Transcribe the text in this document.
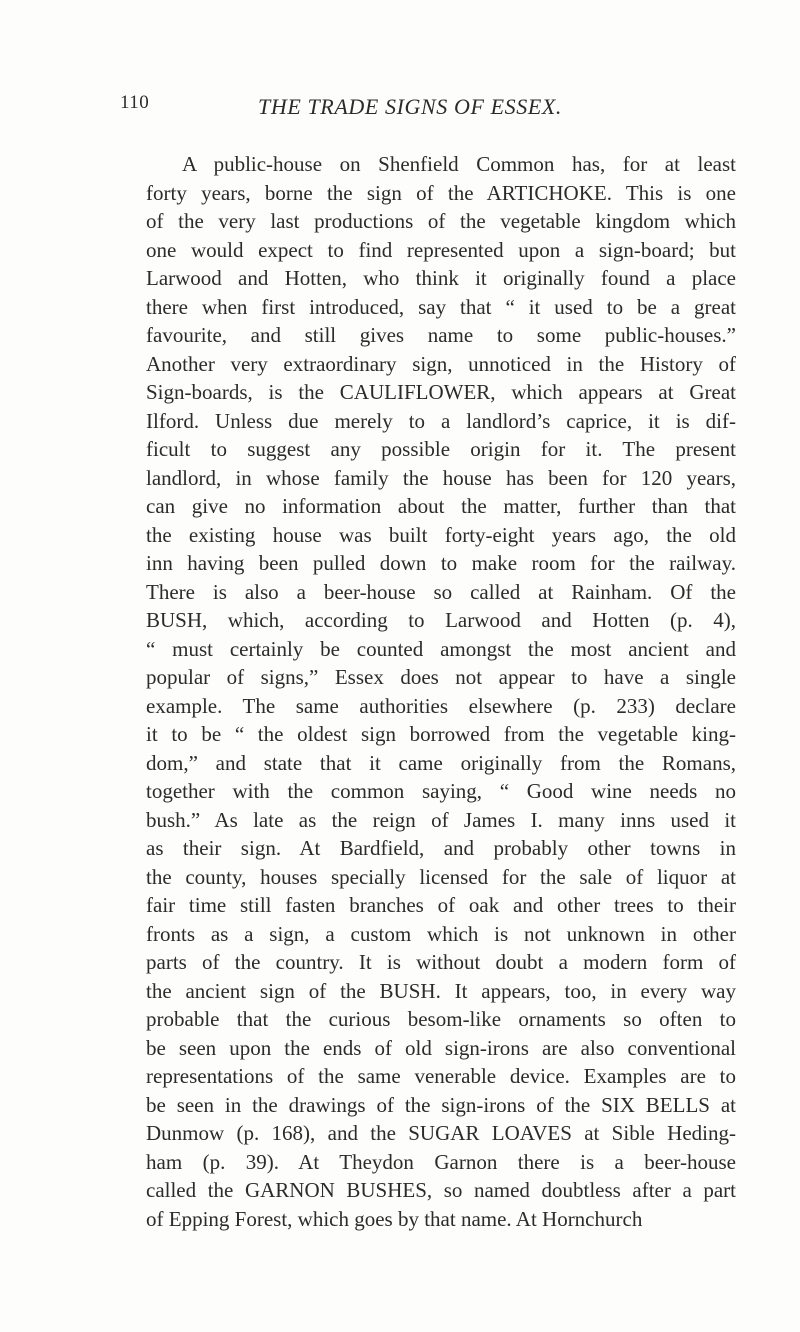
110	THE TRADE SIGNS OF ESSEX.
A public-house on Shenfield Common has, for at least
forty years, borne the sign of the ARTICHOKE. This is one
of the very last productions of the vegetable kingdom which
one would expect to find represented upon a sign-board; but
Larwood and Hotten, who think it originally found a place
there when first introduced, say that “ it used to be a great
favourite, and still gives name to some public-houses.”
Another very extraordinary sign, unnoticed in the History of
Sign-boards, is the CAULIFLOWER, which appears at Great
Ilford. Unless due merely to a landlord’s caprice, it is dif-
ficult to suggest any possible origin for it. The present
landlord, in whose family the house has been for 120 years,
can give no information about the matter, further than that
the existing house was built forty-eight years ago, the old
inn having been pulled down to make room for the railway.
There is also a beer-house so called at Rainham. Of the
BUSH, which, according to Larwood and Hotten (p. 4),
“ must certainly be counted amongst the most ancient and
popular of signs,” Essex does not appear to have a single
example. The same authorities elsewhere (p. 233) declare
it to be “ the oldest sign borrowed from the vegetable king-
dom,” and state that it came originally from the Romans,
together with the common saying, “ Good wine needs no
bush.” As late as the reign of James I. many inns used it
as their sign. At Bardfield, and probably other towns in
the county, houses specially licensed for the sale of liquor at
fair time still fasten branches of oak and other trees to their
fronts as a sign, a custom which is not unknown in other
parts of the country. It is without doubt a modern form of
the ancient sign of the BUSH. It appears, too, in every way
probable that the curious besom-like ornaments so often to
be seen upon the ends of old sign-irons are also conventional
representations of the same venerable device. Examples are to
be seen in the drawings of the sign-irons of the SIX BELLS at
Dunmow (p. 168), and the SUGAR LOAVES at Sible Heding-
ham (p. 39). At Theydon Garnon there is a beer-house
called the GARNON BUSHES, so named doubtless after a part
of Epping Forest, which goes by that name. At Hornchurch
